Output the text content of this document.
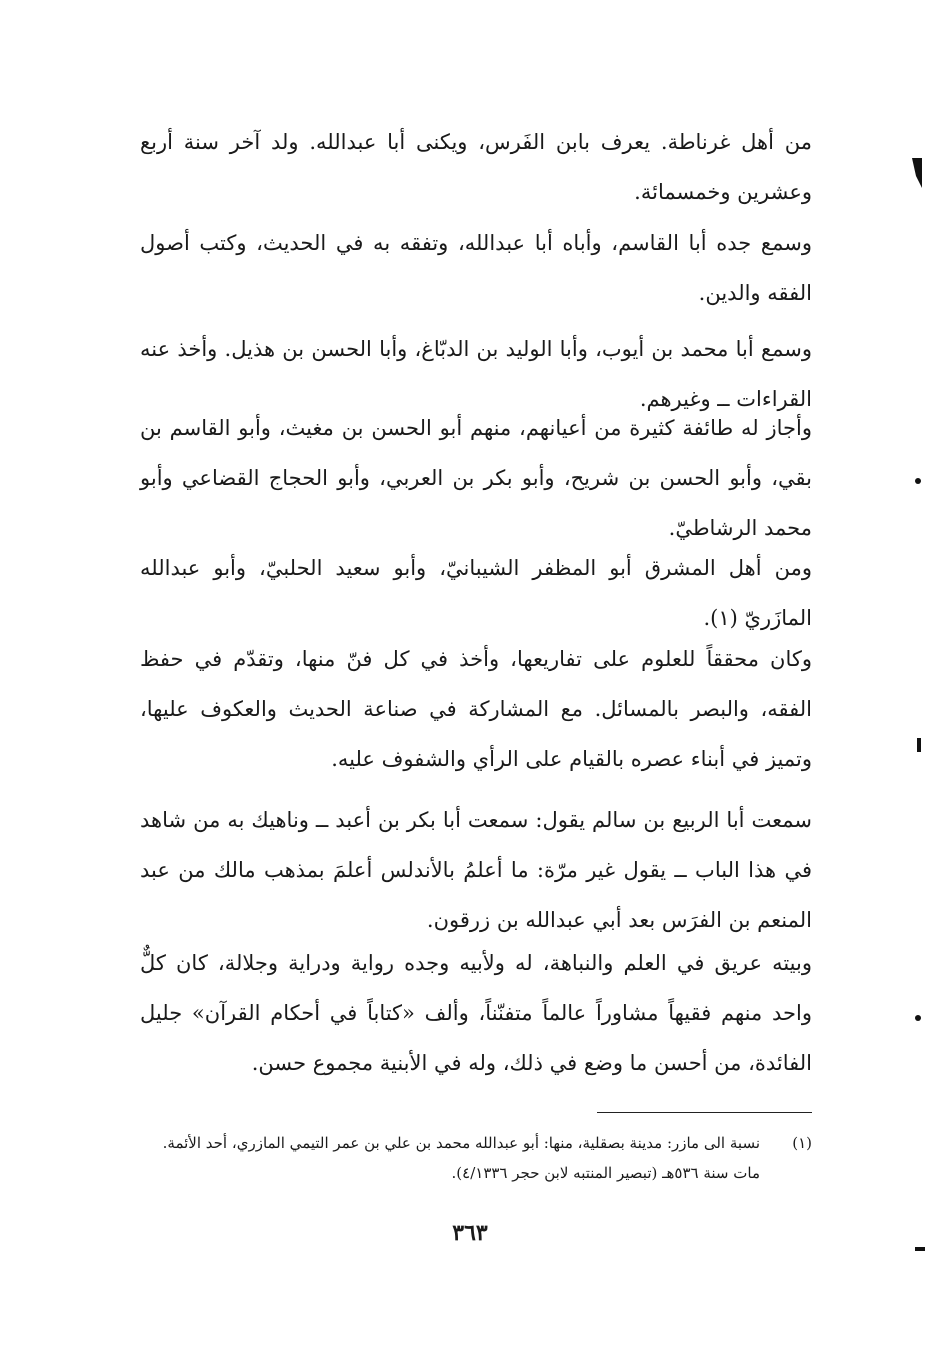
من أهل غرناطة. يعرف بابن الفَرس، ويكنى أبا عبدالله. ولد آخر سنة أربع وعشرين وخمسمائة.

وسمع جده أبا القاسم، وأباه أبا عبدالله، وتفقه به في الحديث، وكتب أصول الفقه والدين.

وسمع أبا محمد بن أيوب، وأبا الوليد بن الدبّاغ، وأبا الحسن بن هذيل. وأخذ عنه القراءات ــ وغيرهم.

وأجاز له طائفة كثيرة من أعيانهم، منهم أبو الحسن بن مغيث، وأبو القاسم بن بقي، وأبو الحسن بن شريح، وأبو بكر بن العربي، وأبو الحجاج القضاعي وأبو محمد الرشاطيّ.

ومن أهل المشرق أبو المظفر الشيبانيّ، وأبو سعيد الحلبيّ، وأبو عبدالله المازَريّ (١).

وكان محققاً للعلوم على تفاريعها، وأخذ في كل فنّ منها، وتقدّم في حفظ الفقه، والبصر بالمسائل. مع المشاركة في صناعة الحديث والعكوف عليها، وتميز في أبناء عصره بالقيام على الرأي والشفوف عليه.

سمعت أبا الربيع بن سالم يقول: سمعت أبا بكر بن أعبد ــ وناهيك به من شاهد في هذا الباب ــ يقول غير مرّة: ما أعلمُ بالأندلس أعلمَ بمذهب مالك من عبد المنعم بن الفرَس بعد أبي عبدالله بن زرقون.

وبيته عريق في العلم والنباهة، له ولأبيه وجده رواية ودراية وجلالة، كان كلٌّ واحد منهم فقيهاً مشاوراً عالماً متفنّناً، وألف «كتاباً في أحكام القرآن» جليل الفائدة، من أحسن ما وضع في ذلك، وله في الأبنية مجموع حسن.

(١)
نسبة الى مازر: مدينة بصقلية، منها: أبو عبدالله محمد بن علي بن عمر التيمي المازري، أحد الأئمة. مات سنة ٥٣٦هـ (تبصير المنتبه لابن حجر ٤/١٣٣٦).
٣٦٣
